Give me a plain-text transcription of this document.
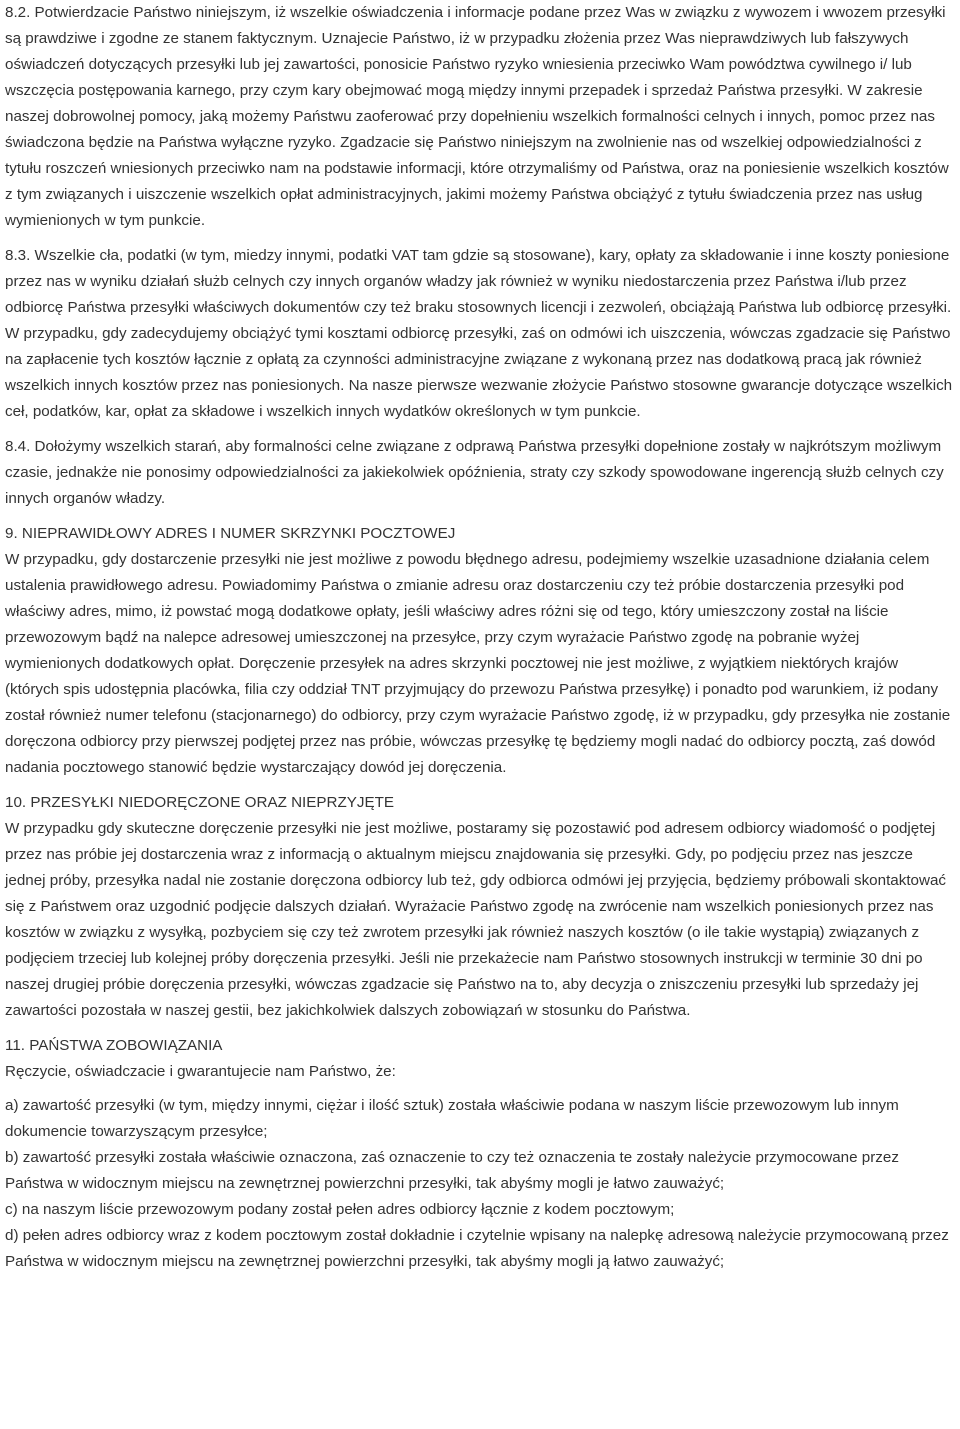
8.2. Potwierdzacie Państwo niniejszym, iż wszelkie oświadczenia i informacje podane przez Was w związku z wywozem i wwozem przesyłki są prawdziwe i zgodne ze stanem faktycznym. Uznajecie Państwo, iż w przypadku złożenia przez Was nieprawdziwych lub fałszywych oświadczeń dotyczących przesyłki lub jej zawartości, ponosicie Państwo ryzyko wniesienia przeciwko Wam powództwa cywilnego i/ lub wszczęcia postępowania karnego, przy czym kary obejmować mogą między innymi przepadek i sprzedaż Państwa przesyłki. W zakresie naszej dobrowolnej pomocy, jaką możemy Państwu zaoferować przy dopełnieniu wszelkich formalności celnych i innych, pomoc przez nas świadczona będzie na Państwa wyłączne ryzyko. Zgadzacie się Państwo niniejszym na zwolnienie nas od wszelkiej odpowiedzialności z tytułu roszczeń wniesionych przeciwko nam na podstawie informacji, które otrzymaliśmy od Państwa, oraz na poniesienie wszelkich kosztów z tym związanych i uiszczenie wszelkich opłat administracyjnych, jakimi możemy Państwa obciążyć z tytułu świadczenia przez nas usług wymienionych w tym punkcie.

8.3. Wszelkie cła, podatki (w tym, miedzy innymi, podatki VAT tam gdzie są stosowane), kary, opłaty za składowanie i inne koszty poniesione przez nas w wyniku działań służb celnych czy innych organów władzy jak również w wyniku niedostarczenia przez Państwa i/lub przez odbiorcę Państwa przesyłki właściwych dokumentów czy też braku stosownych licencji i zezwoleń, obciążają Państwa lub odbiorcę przesyłki. W przypadku, gdy zadecydujemy obciążyć tymi kosztami odbiorcę przesyłki, zaś on odmówi ich uiszczenia, wówczas zgadzacie się Państwo na zapłacenie tych kosztów łącznie z opłatą za czynności administracyjne związane z wykonaną przez nas dodatkową pracą jak również wszelkich innych kosztów przez nas poniesionych. Na nasze pierwsze wezwanie złożycie Państwo stosowne gwarancje dotyczące wszelkich ceł, podatków, kar, opłat za składowe i wszelkich innych wydatków określonych w tym punkcie.

8.4. Dołożymy wszelkich starań, aby formalności celne związane z odprawą Państwa przesyłki dopełnione zostały w najkrótszym możliwym czasie, jednakże nie ponosimy odpowiedzialności za jakiekolwiek opóźnienia, straty czy szkody spowodowane ingerencją służb celnych czy innych organów władzy.

9. NIEPRAWIDŁOWY ADRES I NUMER SKRZYNKI POCZTOWEJ
W przypadku, gdy dostarczenie przesyłki nie jest możliwe z powodu błędnego adresu, podejmiemy wszelkie uzasadnione działania celem ustalenia prawidłowego adresu. Powiadomimy Państwa o zmianie adresu oraz dostarczeniu czy też próbie dostarczenia przesyłki pod właściwy adres, mimo, iż powstać mogą dodatkowe opłaty, jeśli właściwy adres różni się od tego, który umieszczony został na liście przewozowym bądź na nalepce adresowej umieszczonej na przesyłce, przy czym wyrażacie Państwo zgodę na pobranie wyżej wymienionych dodatkowych opłat. Doręczenie przesyłek na adres skrzynki pocztowej nie jest możliwe, z wyjątkiem niektórych krajów (których spis udostępnia placówka, filia czy oddział TNT przyjmujący do przewozu Państwa przesyłkę) i ponadto pod warunkiem, iż podany został również numer telefonu (stacjonarnego) do odbiorcy, przy czym wyrażacie Państwo zgodę, iż w przypadku, gdy przesyłka nie zostanie doręczona odbiorcy przy pierwszej podjętej przez nas próbie, wówczas przesyłkę tę będziemy mogli nadać do odbiorcy pocztą, zaś dowód nadania pocztowego stanowić będzie wystarczający dowód jej doręczenia.
10. PRZESYŁKI NIEDORĘCZONE ORAZ NIEPRZYJĘTE
W przypadku gdy skuteczne doręczenie przesyłki nie jest możliwe, postaramy się pozostawić pod adresem odbiorcy wiadomość o podjętej przez nas próbie jej dostarczenia wraz z informacją o aktualnym miejscu znajdowania się przesyłki. Gdy, po podjęciu przez nas jeszcze jednej próby, przesyłka nadal nie zostanie doręczona odbiorcy lub też, gdy odbiorca odmówi jej przyjęcia, będziemy próbowali skontaktować się z Państwem oraz uzgodnić podjęcie dalszych działań. Wyrażacie Państwo zgodę na zwrócenie nam wszelkich poniesionych przez nas kosztów w związku z wysyłką, pozbyciem się czy też zwrotem przesyłki jak również naszych kosztów (o ile takie wystąpią) związanych z podjęciem trzeciej lub kolejnej próby doręczenia przesyłki. Jeśli nie przekażecie nam Państwo stosownych instrukcji w terminie 30 dni po naszej drugiej próbie doręczenia przesyłki, wówczas zgadzacie się Państwo na to, aby decyzja o zniszczeniu przesyłki lub sprzedaży jej zawartości pozostała w naszej gestii, bez jakichkolwiek dalszych zobowiązań w stosunku do Państwa.
11. PAŃSTWA ZOBOWIĄZANIA
Ręczycie, oświadczacie i gwarantujecie nam Państwo, że:
a) zawartość przesyłki (w tym, między innymi, ciężar i ilość sztuk) została właściwie podana w naszym liście przewozowym lub innym dokumencie towarzyszącym przesyłce;
b) zawartość przesyłki została właściwie oznaczona, zaś oznaczenie to czy też oznaczenia te zostały należycie przymocowane przez Państwa w widocznym miejscu na zewnętrznej powierzchni przesyłki, tak abyśmy mogli je łatwo zauważyć;
c) na naszym liście przewozowym podany został pełen adres odbiorcy łącznie z kodem pocztowym;
d) pełen adres odbiorcy wraz z kodem pocztowym został dokładnie i czytelnie wpisany na nalepkę adresową należycie przymocowaną przez Państwa w widocznym miejscu na zewnętrznej powierzchni przesyłki, tak abyśmy mogli ją łatwo zauważyć;
